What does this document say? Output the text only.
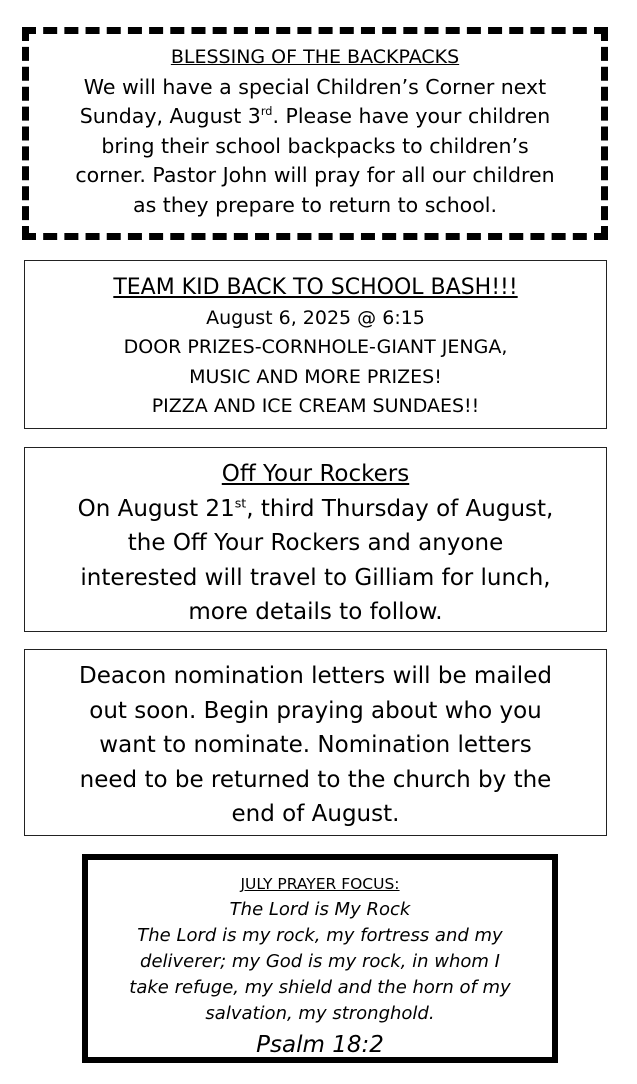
BLESSING OF THE BACKPACKS
We will have a special Children’s Corner next
Sunday, August 3rd. Please have your children
bring their school backpacks to children’s
corner. Pastor John will pray for all our children
as they prepare to return to school.
TEAM KID BACK TO SCHOOL BASH!!!
August 6, 2025 @ 6:15
DOOR PRIZES-CORNHOLE-GIANT JENGA,
MUSIC AND MORE PRIZES!
PIZZA AND ICE CREAM SUNDAES!!
Off Your Rockers
On August 21st, third Thursday of August,
the Off Your Rockers and anyone
interested will travel to Gilliam for lunch,
more details to follow.
Deacon nomination letters will be mailed
out soon. Begin praying about who you
want to nominate. Nomination letters
need to be returned to the church by the
end of August.
JULY PRAYER FOCUS:
The Lord is My Rock
The Lord is my rock, my fortress and my
deliverer; my God is my rock, in whom I
take refuge, my shield and the horn of my
salvation, my stronghold.
Psalm 18:2
